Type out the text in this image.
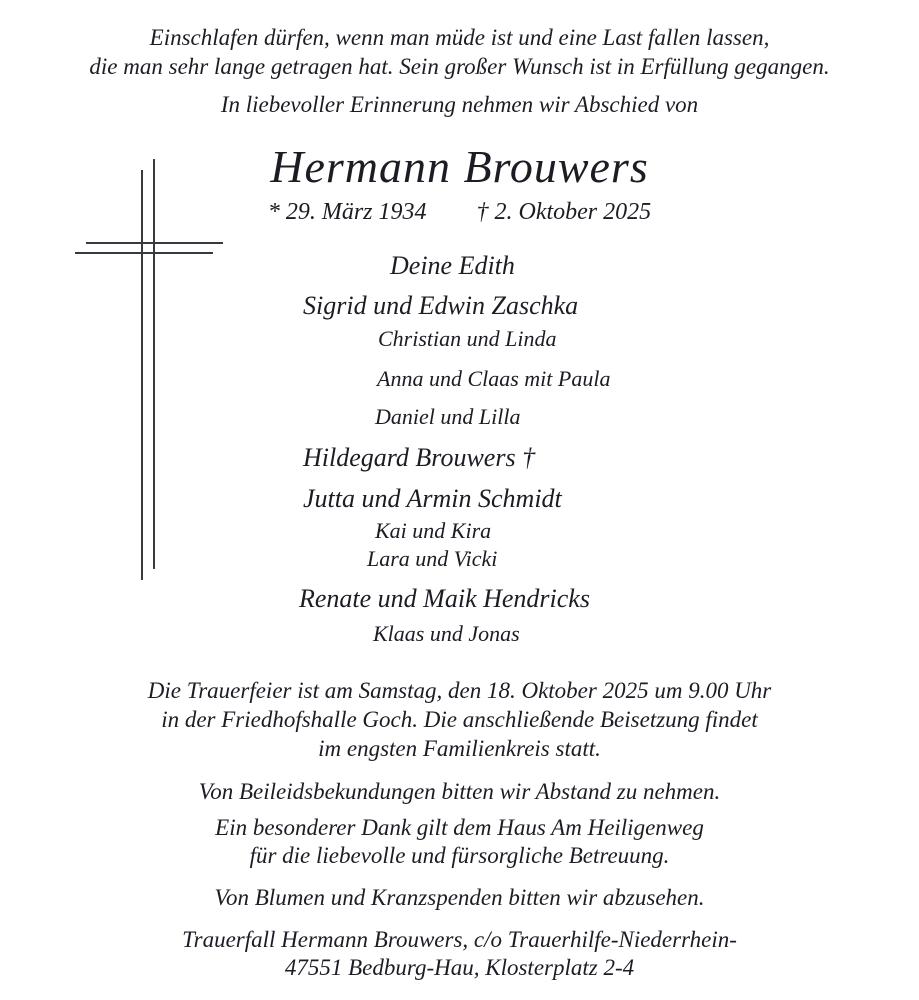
Einschlafen dürfen, wenn man müde ist und eine Last fallen lassen,
die man sehr lange getragen hat. Sein großer Wunsch ist in Erfüllung gegangen.
In liebevoller Erinnerung nehmen wir Abschied von
Hermann Brouwers
* 29. März 1934 † 2. Oktober 2025
Deine Edith
Sigrid und Edwin Zaschka
Christian und Linda
Anna und Claas mit Paula
Daniel und Lilla
Hildegard Brouwers †
Jutta und Armin Schmidt
Kai und Kira
Lara und Vicki
Renate und Maik Hendricks
Klaas und Jonas
Die Trauerfeier ist am Samstag, den 18. Oktober 2025 um 9.00 Uhr
in der Friedhofshalle Goch. Die anschließende Beisetzung findet
im engsten Familienkreis statt.
Von Beileidsbekundungen bitten wir Abstand zu nehmen.
Ein besonderer Dank gilt dem Haus Am Heiligenweg
für die liebevolle und fürsorgliche Betreuung.
Von Blumen und Kranzspenden bitten wir abzusehen.
Trauerfall Hermann Brouwers, c/o Trauerhilfe-Niederrhein-
47551 Bedburg-Hau, Klosterplatz 2-4
